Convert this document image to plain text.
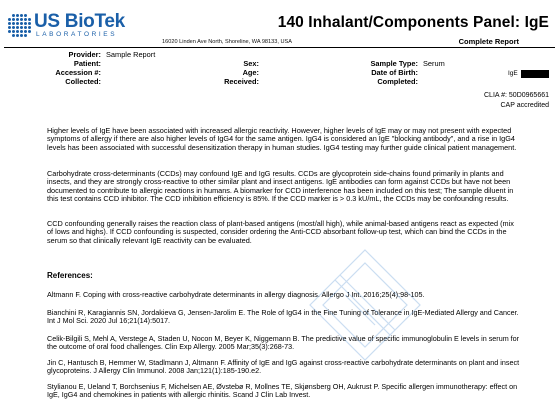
US BioTek
LABORATORIES
16020 Linden Ave North, Shoreline, WA 98133, USA
140 Inhalant/Components Panel: IgE
Complete Report
Provider: Sample Report
Patient:
Accession #:
Collected:
Sex:
Age:
Received:
Sample Type: Serum
Date of Birth:
Completed:
IgE
CLIA #: 50D0965661
CAP accredited
Higher levels of IgE have been associated with increased allergic reactivity. However, higher levels of IgE may or may not present with expected symptoms of allergy if there are also higher levels of IgG4 for the same antigen. IgG4 is considered an IgE "blocking antibody", and a rise in IgG4 levels has been associated with successful desensitization therapy in human studies. IgG4 testing may further guide clinical patient management.
Carbohydrate cross-determinants (CCDs) may confound IgE and IgG results. CCDs are glycoprotein side-chains found primarily in plants and insects, and they are strongly cross-reactive to other similar plant and insect antigens. IgE antibodies can form against CCDs but have not been documented to contribute to allergic reactions in humans. A biomarker for CCD interference has been included on this test; The sample diluent in this test contains CCD inhibitor. The CCD inhibition efficiency is 85%. If the CCD marker is > 0.3 kU/mL, the CCDs may be confounding results.
CCD confounding generally raises the reaction class of plant-based antigens (most/all high), while animal-based antigens react as expected (mix of lows and highs). If CCD confounding is suspected, consider ordering the Anti-CCD absorbant follow-up test, which can bind the CCDs in the serum so that clinically relevant IgE reactivity can be evaluated.
References:
Altmann F. Coping with cross-reactive carbohydrate determinants in allergy diagnosis. Allergo J Int. 2016;25(4):98-105.
Bianchini R, Karagiannis SN, Jordakieva G, Jensen-Jarolim E. The Role of IgG4 in the Fine Tuning of Tolerance in IgE-Mediated Allergy and Cancer. Int J Mol Sci. 2020 Jul 16;21(14):5017.
Celik-Bilgili S, Mehl A, Verstege A, Staden U, Nocon M, Beyer K, Niggemann B. The predictive value of specific immunoglobulin E levels in serum for the outcome of oral food challenges. Clin Exp Allergy. 2005 Mar;35(3):268-73.
Jin C, Hantusch B, Hemmer W, Stadlmann J, Altmann F. Affinity of IgE and IgG against cross-reactive carbohydrate determinants on plant and insect glycoproteins. J Allergy Clin Immunol. 2008 Jan;121(1):185-190.e2.
Stylianou E, Ueland T, Borchsenius F, Michelsen AE, Øvstebø R, Mollnes TE, Skjønsberg OH, Aukrust P. Specific allergen immunotherapy: effect on IgE, IgG4 and chemokines in patients with allergic rhinitis. Scand J Clin Lab Invest.
